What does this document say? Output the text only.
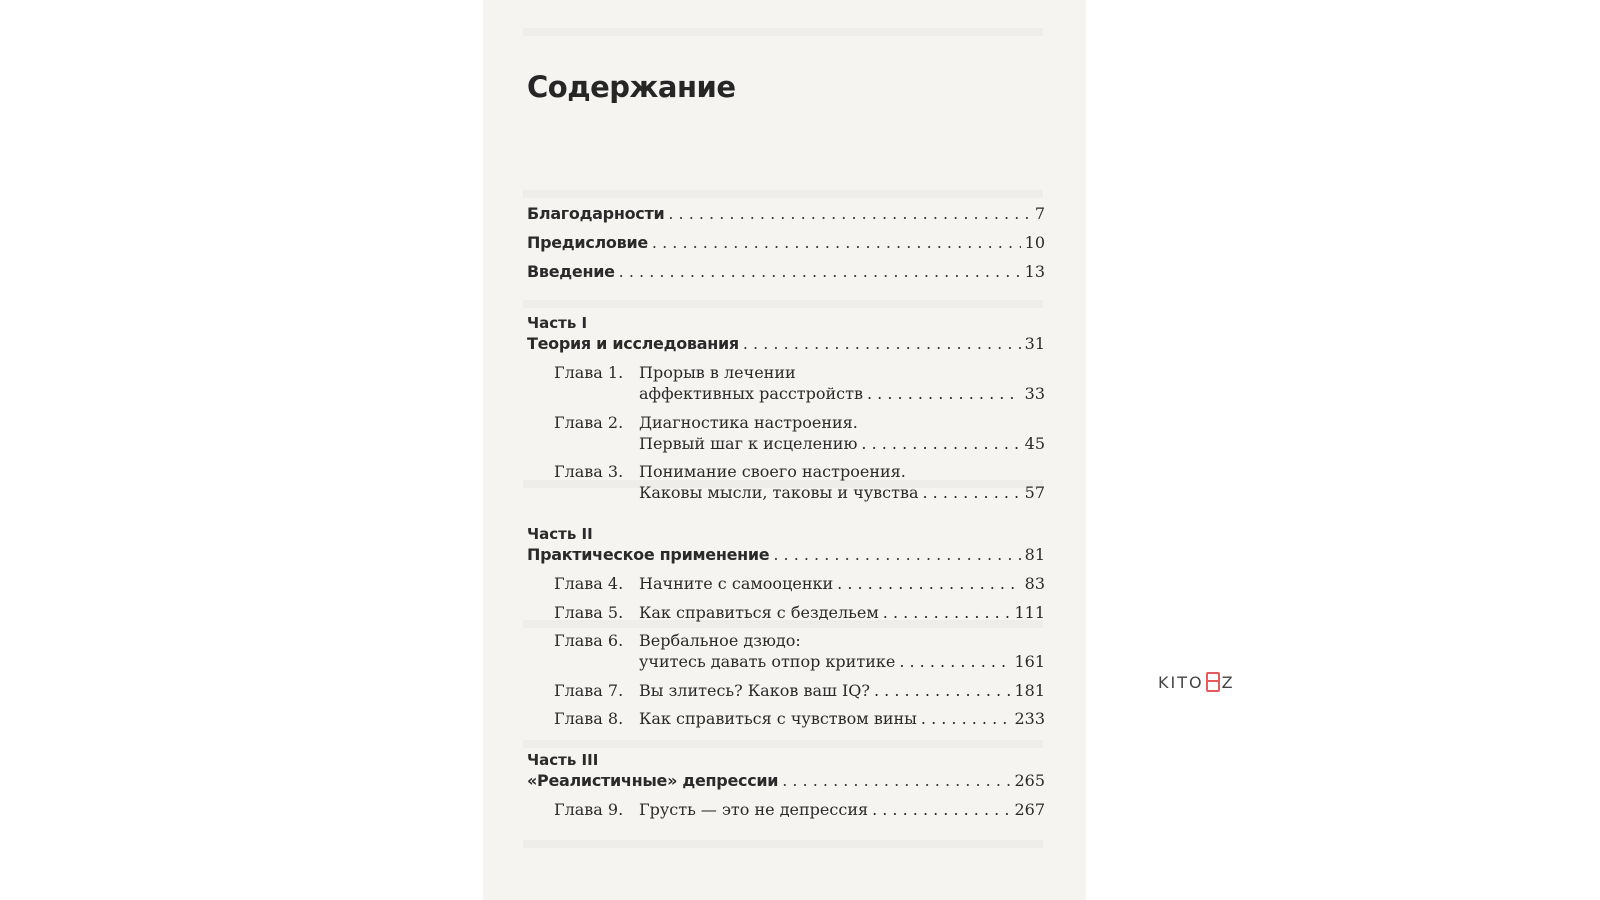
Содержание
Благодарности . . .	7
Предисловие . . .	10
Введение . . .	13
Часть I
Теория и исследования . . .	31
Глава 1. Прорыв в лечении
аффективных расстройств . . .	33
Глава 2. Диагностика настроения.
Первый шаг к исцелению . . .	45
Глава 3. Понимание своего настроения.
Каковы мысли, таковы и чувства . . .	57
Часть II
Практическое применение . . .	81
Глава 4. Начните с самооценки . . .	83
Глава 5. Как справиться с бездельем . . .	111
Глава 6. Вербальное дзюдо:
учитесь давать отпор критике . . .	161
Глава 7. Вы злитесь? Каков ваш IQ? . . .	181
Глава 8. Как справиться с чувством вины . . .	233
Часть III
«Реалистичные» депрессии . . .	265
Глава 9. Грусть — это не депрессия . . .	267
KITO Z
